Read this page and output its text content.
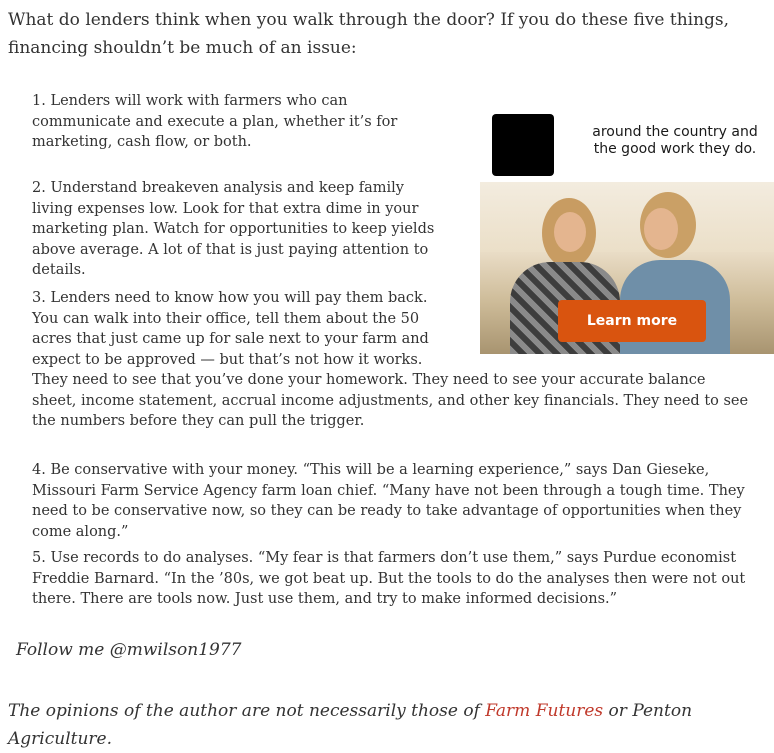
What do lenders think when you walk through the door? If you do these five things, financing shouldn’t be much of an issue:

around the country and the good work they do.
Learn more

1. Lenders will work with farmers who can communicate and execute a plan, whether it’s for marketing, cash flow, or both.

2. Understand breakeven analysis and keep family living expenses low. Look for that extra dime in your marketing plan. Watch for opportunities to keep yields above average. A lot of that is just paying attention to details.

3. Lenders need to know how you will pay them back. You can walk into their office, tell them about the 50 acres that just came up for sale next to your farm and expect to be approved — but that’s not how it works. They need to see that you’ve done your homework. They need to see your accurate balance sheet, income statement, accrual income adjustments, and other key financials. They need to see the numbers before they can pull the trigger.

4. Be conservative with your money. “This will be a learning experience,” says Dan Gieseke, Missouri Farm Service Agency farm loan chief. “Many have not been through a tough time. They need to be conservative now, so they can be ready to take advantage of opportunities when they come along.”

5. Use records to do analyses. “My fear is that farmers don’t use them,” says Purdue economist Freddie Barnard. “In the ’80s, we got beat up. But the tools to do the analyses then were not out there. There are tools now. Just use them, and try to make informed decisions.”

Follow me @mwilson1977

The opinions of the author are not necessarily those of Farm Futures or Penton Agriculture.
